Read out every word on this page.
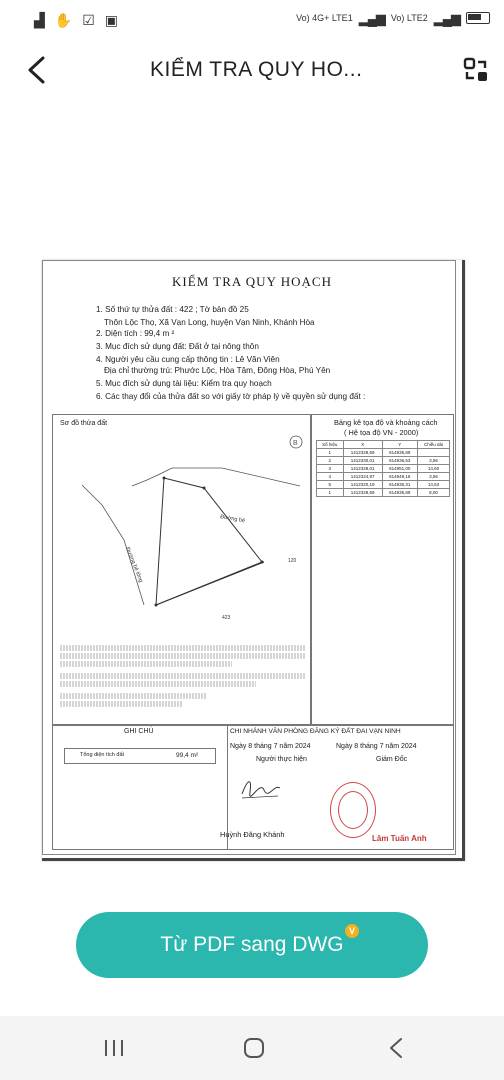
▟ ✋ ☑ ▣	Vo) 4G+ LTE1 ▂▄▆ Vo) LTE2 ▂▄▆
KIỂM TRA QUY HO...
KIỂM TRA QUY HOẠCH
1. Số thứ tự thửa đất : 422 ; Tờ bản đồ 25
Thôn Lộc Thọ, Xã Vạn Long, huyện Vạn Ninh, Khánh Hòa
2. Diện tích : 99,4 m ²
3. Mục đích sử dụng đất: Đất ở tại nông thôn
4. Người yêu cầu cung cấp thông tin : Lê Văn Viên
Địa chỉ thường trú: Phước Lộc, Hòa Tâm, Đông Hòa, Phú Yên
5. Mục đích sử dụng tài liệu: Kiểm tra quy hoạch
6. Các thay đổi của thửa đất so với giấy tờ pháp lý về quyền sử dụng đất :
Sơ đồ thửa đất
B
120
Đường bê
Đường bê tông
423
Bảng kê tọa độ và khoảng cách
( Hệ tọa độ VN - 2000)
Số hiệu	X	Y	Chiều dài
1	1412328,59	614935,89	
2	1412330,01	614936,53	3,56
3	1412328,01	614951,00	14,60
4	1412324,97	614949,16	3,56
5	1412320,19	614935,31	14,53
1	1412328,59	614935,89	8,00
GHI CHÚ	CHI NHÁNH VĂN PHÒNG ĐĂNG KÝ ĐẤT ĐAI VẠN NINH
Tổng diện tích đất	99,4 m²
Ngày 8 tháng 7 năm 2024
Người thực hiện
Huỳnh Đăng Khánh
Ngày 8 tháng 7 năm 2024
Giám Đốc
Lâm Tuấn Anh
Từ PDF sang DWG
V
